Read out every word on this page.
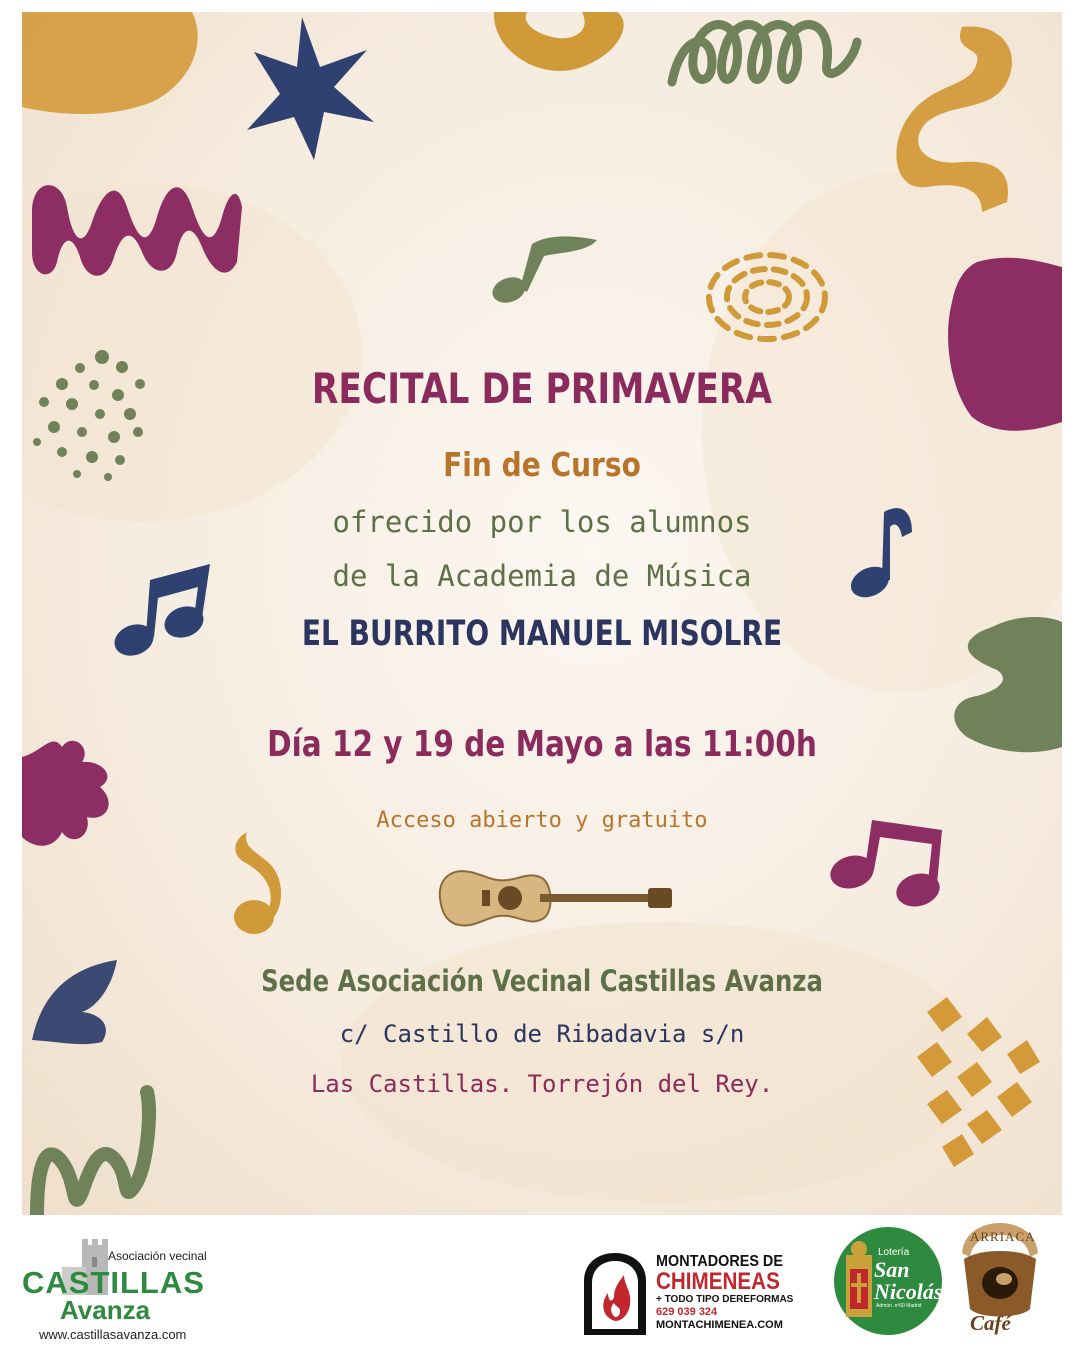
RECITAL DE PRIMAVERA
Fin de Curso
ofrecido por los alumnos
de la Academia de Música
EL BURRITO MANUEL MISOLRE
Día 12 y 19 de Mayo a las 11:00h
Acceso abierto y gratuito
Sede Asociación Vecinal Castillas Avanza
c/ Castillo de Ribadavia s/n
Las Castillas. Torrejón del Rey.
Asociación vecinal
CASTILLAS
Avanza
www.castillasavanza.com
MONTADORES DE
CHIMENEAS
+ TODO TIPO DEREFORMAS
629 039 324
MONTACHIMENEA.COM
Lotería
San Nicolás
Admón. nº60 Madrid
ARRIACA
Café
